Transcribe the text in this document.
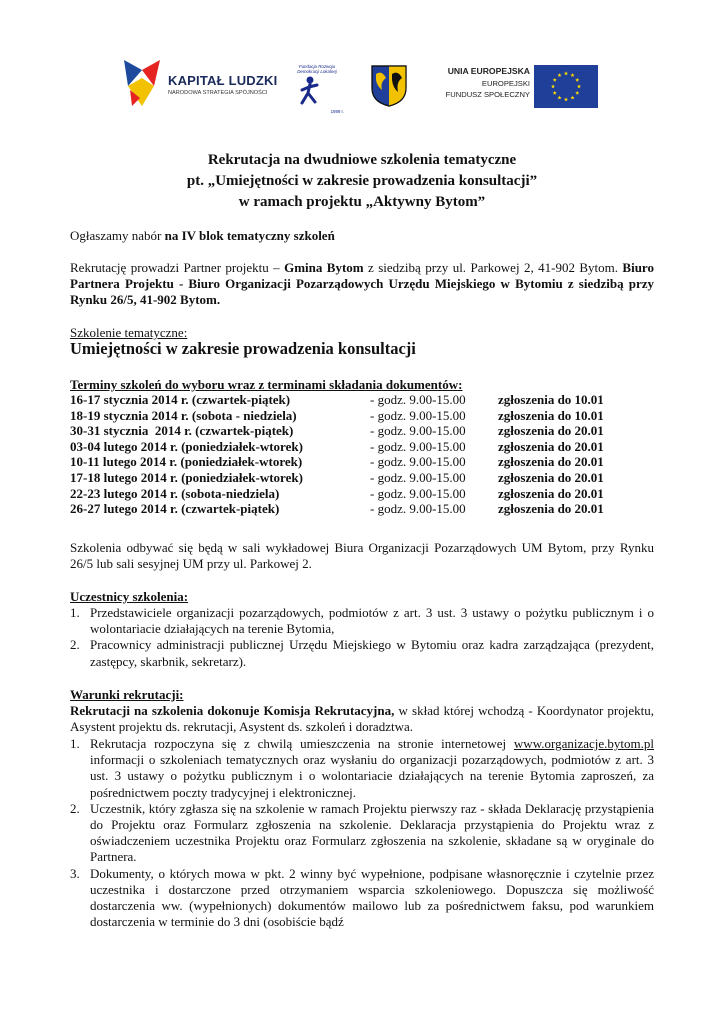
KAPITAŁ LUDZKI
NARODOWA STRATEGIA SPÓJNOŚCI
Fundacja Rozwoju Demokracji Lokalnej
1989 r.
UNIA EUROPEJSKA
EUROPEJSKI
FUNDUSZ SPOŁECZNY
Rekrutacja na dwudniowe szkolenia tematyczne
pt. „Umiejętności w zakresie prowadzenia konsultacji”
w ramach projektu „Aktywny Bytom”
Ogłaszamy nabór na IV blok tematyczny szkoleń
Rekrutację prowadzi Partner projektu – Gmina Bytom z siedzibą przy ul. Parkowej 2, 41-902 Bytom. Biuro Partnera Projektu - Biuro Organizacji Pozarządowych Urzędu Miejskiego w Bytomiu z siedzibą przy Rynku 26/5, 41-902 Bytom.
Szkolenie tematyczne:
Umiejętności w zakresie prowadzenia konsultacji
Terminy szkoleń do wyboru wraz z terminami składania dokumentów:
16-17 stycznia 2014 r. (czwartek-piątek)	- godz. 9.00-15.00 zgłoszenia do 10.01
18-19 stycznia 2014 r. (sobota - niedziela)	- godz. 9.00-15.00 zgłoszenia do 10.01
30-31 stycznia  2014 r. (czwartek-piątek)	- godz. 9.00-15.00 zgłoszenia do 20.01
03-04 lutego 2014 r. (poniedziałek-wtorek)	- godz. 9.00-15.00 zgłoszenia do 20.01
10-11 lutego 2014 r. (poniedziałek-wtorek)	- godz. 9.00-15.00 zgłoszenia do 20.01
17-18 lutego 2014 r. (poniedziałek-wtorek)	- godz. 9.00-15.00 zgłoszenia do 20.01
22-23 lutego 2014 r. (sobota-niedziela)	- godz. 9.00-15.00 zgłoszenia do 20.01
26-27 lutego 2014 r. (czwartek-piątek)	- godz. 9.00-15.00 zgłoszenia do 20.01
Szkolenia odbywać się będą w sali wykładowej Biura Organizacji Pozarządowych UM Bytom, przy Rynku 26/5 lub sali sesyjnej UM przy ul. Parkowej 2.
Uczestnicy szkolenia:
1. Przedstawiciele organizacji pozarządowych, podmiotów z art. 3 ust. 3 ustawy o pożytku publicznym i o wolontariacie działających na terenie Bytomia,
2. Pracownicy administracji publicznej Urzędu Miejskiego w Bytomiu oraz kadra zarządzająca (prezydent, zastępcy, skarbnik, sekretarz).
Warunki rekrutacji:
Rekrutacji na szkolenia dokonuje Komisja Rekrutacyjna, w skład której wchodzą - Koordynator projektu, Asystent projektu ds. rekrutacji, Asystent ds. szkoleń i doradztwa.
1. Rekrutacja rozpoczyna się z chwilą umieszczenia na stronie internetowej www.organizacje.bytom.pl  informacji o szkoleniach tematycznych oraz wysłaniu do organizacji pozarządowych, podmiotów z art. 3 ust. 3 ustawy o pożytku publicznym i o wolontariacie działających na terenie Bytomia zaproszeń, za pośrednictwem poczty tradycyjnej i elektronicznej.
2. Uczestnik, który zgłasza się na szkolenie w ramach Projektu pierwszy raz - składa Deklarację przystąpienia do Projektu oraz Formularz zgłoszenia na szkolenie. Deklaracja przystąpienia do Projektu wraz z oświadczeniem uczestnika Projektu oraz Formularz zgłoszenia na szkolenie, składane są w oryginale do Partnera.
3. Dokumenty, o których mowa w pkt. 2 winny być wypełnione, podpisane własnoręcznie i czytelnie przez uczestnika i dostarczone przed otrzymaniem wsparcia szkoleniowego. Dopuszcza się możliwość dostarczenia ww. (wypełnionych) dokumentów mailowo lub za pośrednictwem faksu, pod warunkiem dostarczenia w terminie do 3 dni (osobiście bądź
